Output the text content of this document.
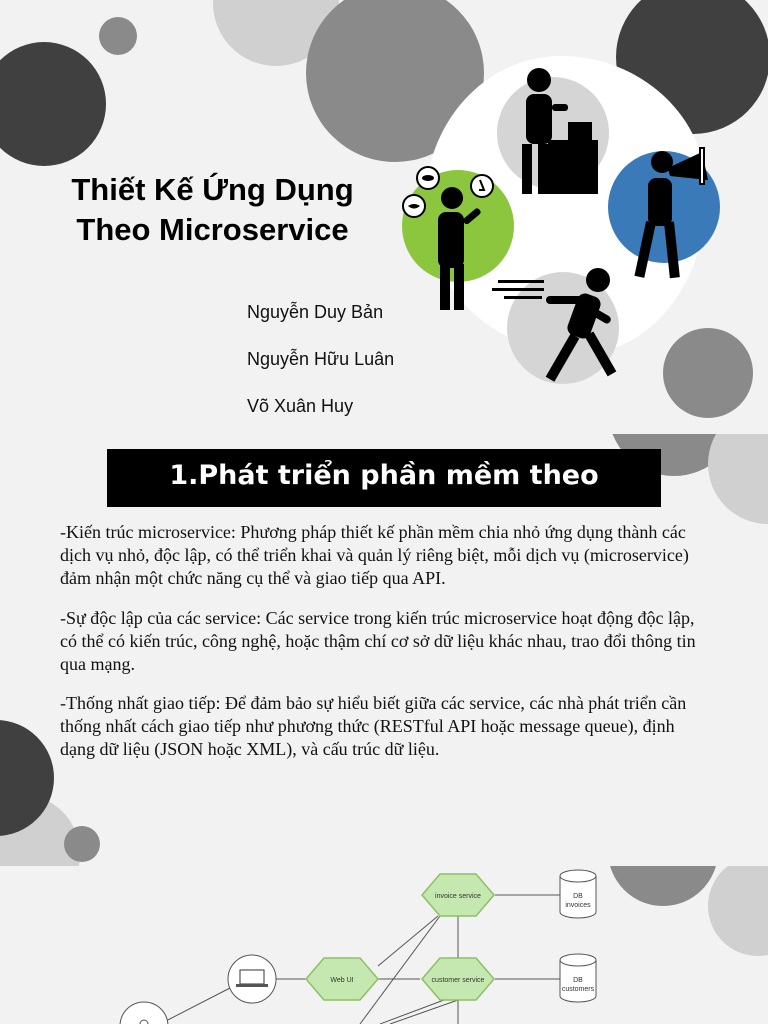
Thiết Kế Ứng Dụng
Theo Microservice
Nguyễn Duy Bản
Nguyễn Hữu Luân
Võ Xuân Huy
1.Phát triển phần mềm theo

-Kiến trúc microservice: Phương pháp thiết kế phần mềm chia nhỏ ứng dụng thành các dịch vụ nhỏ, độc lập, có thể triển khai và quản lý riêng biệt, mỗi dịch vụ (microservice) đảm nhận một chức năng cụ thể và giao tiếp qua API.

-Sự độc lập của các service: Các service trong kiến trúc microservice hoạt động độc lập, có thể có kiến trúc, công nghệ, hoặc thậm chí cơ sở dữ liệu khác nhau, trao đổi thông tin qua mạng.

-Thống nhất giao tiếp: Để đảm bảo sự hiểu biết giữa các service, các nhà phát triển cần thống nhất cách giao tiếp như phương thức (RESTful API hoặc message queue), định dạng dữ liệu (JSON hoặc XML), và cấu trúc dữ liệu.

invoice service
customer service
Web UI
DB
invoices
DB
customers
